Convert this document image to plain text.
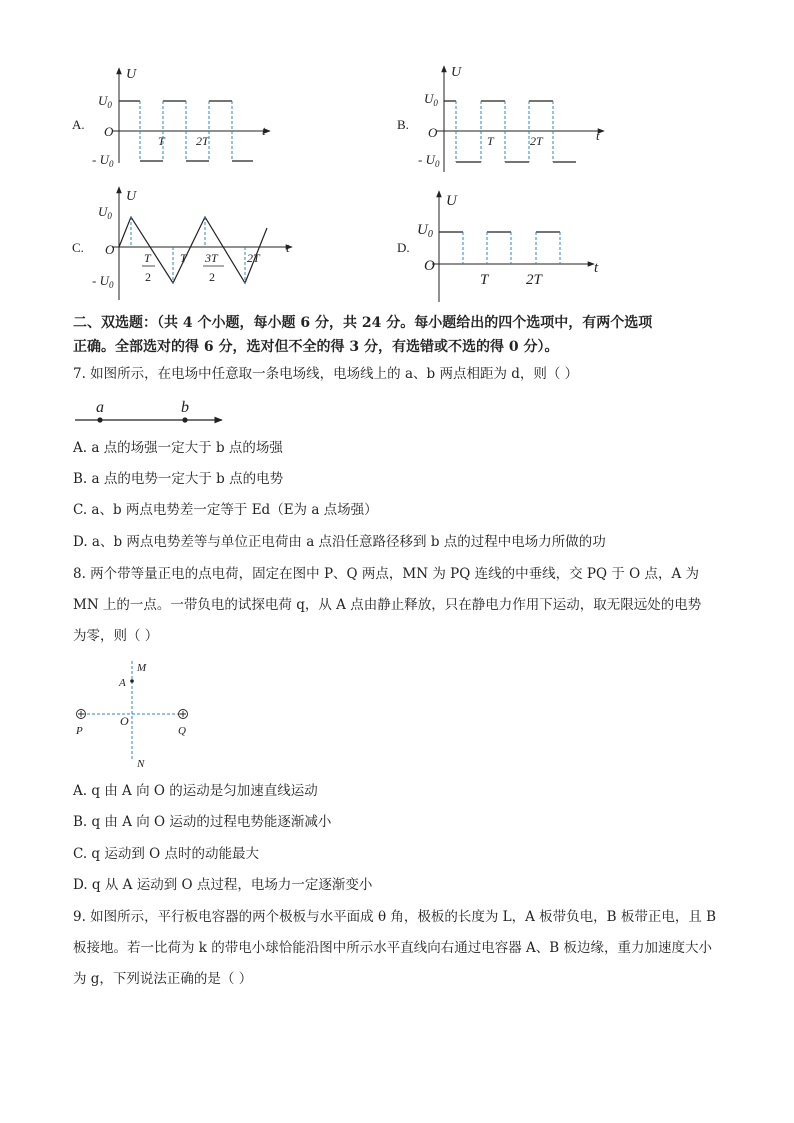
A.
U
t
O
$U_0$
- $U_0$
T	2T
B.
U
t
O
$U_0$
- $U_0$
T	2T
C.
U
t
O
$U_0$
- $U_0$
T
2
T 3T
2
2T
D.
U
t
O
$U_0$
T	2T
二、双选题：（共 4 个小题，每小题 6 分，共 24 分。每小题给出的四个选项中，有两个选项
正确。全部选对的得 6 分，选对但不全的得 3 分，有选错或不选的得 0 分）。
7. 如图所示，在电场中任意取一条电场线，电场线上的 a、b 两点相距为 d，则（ ）
a	b
M
A
O
P	Q
N
A. a 点的场强一定大于 b 点的场强
B. a 点的电势一定大于 b 点的电势
C. a、b 两点电势差一定等于 Ed（E为 a 点场强）
D. a、b 两点电势差等与单位正电荷由 a 点沿任意路径移到 b 点的过程中电场力所做的功
8. 两个带等量正电的点电荷，固定在图中 P、Q 两点，MN 为 PQ 连线的中垂线，交 PQ 于 O 点，A 为
MN 上的一点。一带负电的试探电荷 q，从 A 点由静止释放，只在静电力作用下运动，取无限远处的电势
为零，则（ ）
A. q 由 A 向 O 的运动是匀加速直线运动
B. q 由 A 向 O 运动的过程电势能逐渐减小
C. q 运动到 O 点时的动能最大
D. q 从 A 运动到 O 点过程，电场力一定逐渐变小
9. 如图所示，平行板电容器的两个极板与水平面成 θ 角，极板的长度为 L，A 板带负电，B 板带正电，且 B
板接地。若一比荷为 k 的带电小球恰能沿图中所示水平直线向右通过电容器 A、B 板边缘，重力加速度大小
为 g，下列说法正确的是（ ）
